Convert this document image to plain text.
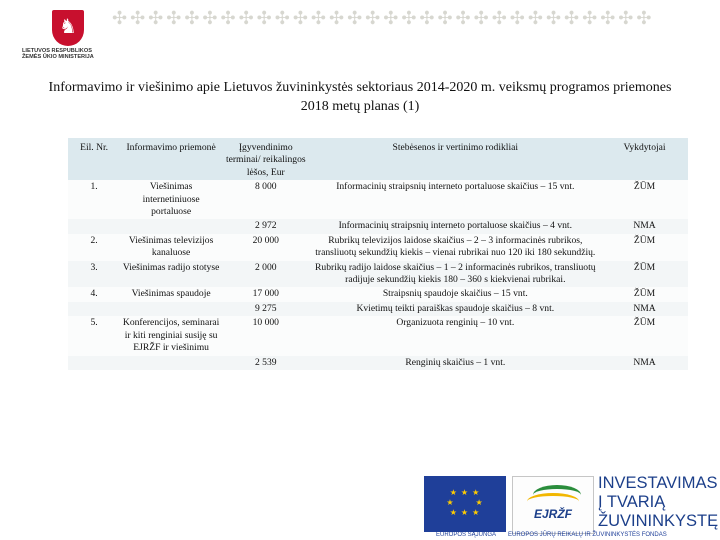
♞
LIETUVOS RESPUBLIKOS
ŽEMĖS ŪKIO MINISTERIJA
✣✣✣✣✣✣✣✣✣✣✣✣✣✣✣✣✣✣✣✣✣✣✣✣✣✣✣✣✣✣
Informavimo ir viešinimo apie Lietuvos žuvininkystės sektoriaus 2014-2020 m. veiksmų programos priemones 2018 metų planas (1)
Eil. Nr.	Informavimo priemonė	Įgyvendinimo terminai/ reikalingos lėšos, Eur	Stebėsenos ir vertinimo rodikliai	Vykdytojai
1.	Viešinimas internetiniuose portaluose	8 000	Informacinių straipsnių interneto portaluose skaičius – 15 vnt.	ŽŪM
		2 972	Informacinių straipsnių interneto portaluose skaičius – 4 vnt.	NMA
2.	Viešinimas televizijos kanaluose	20 000	Rubrikų televizijos laidose skaičius – 2 – 3 informacinės rubrikos, transliuotų sekundžių kiekis – vienai rubrikai nuo 120 iki 180 sekundžių.	ŽŪM
3.	Viešinimas radijo stotyse	2 000	Rubrikų radijo laidose skaičius – 1 – 2 informacinės rubrikos, transliuotų radijuje sekundžių kiekis 180 – 360 s kiekvienai rubrikai.	ŽŪM
4.	Viešinimas spaudoje	17 000	Straipsnių spaudoje skaičius – 15 vnt.	ŽŪM
		9 275	Kvietimų teikti paraiškas spaudoje skaičius – 8 vnt.	NMA
5.	Konferencijos, seminarai ir kiti renginiai susiję su EJRŽF ir viešinimu	10 000	Organizuota renginių – 10 vnt.	ŽŪM
		2 539	Renginių skaičius – 1 vnt.	NMA
★ ★ ★
★       ★
★ ★ ★
EUROPOS SĄJUNGA
EJRŽF
EUROPOS JŪRŲ REIKALŲ IR ŽUVININKYSTĖS FONDAS
INVESTAVIMAS
Į TVARIĄ
ŽUVININKYSTĘ
